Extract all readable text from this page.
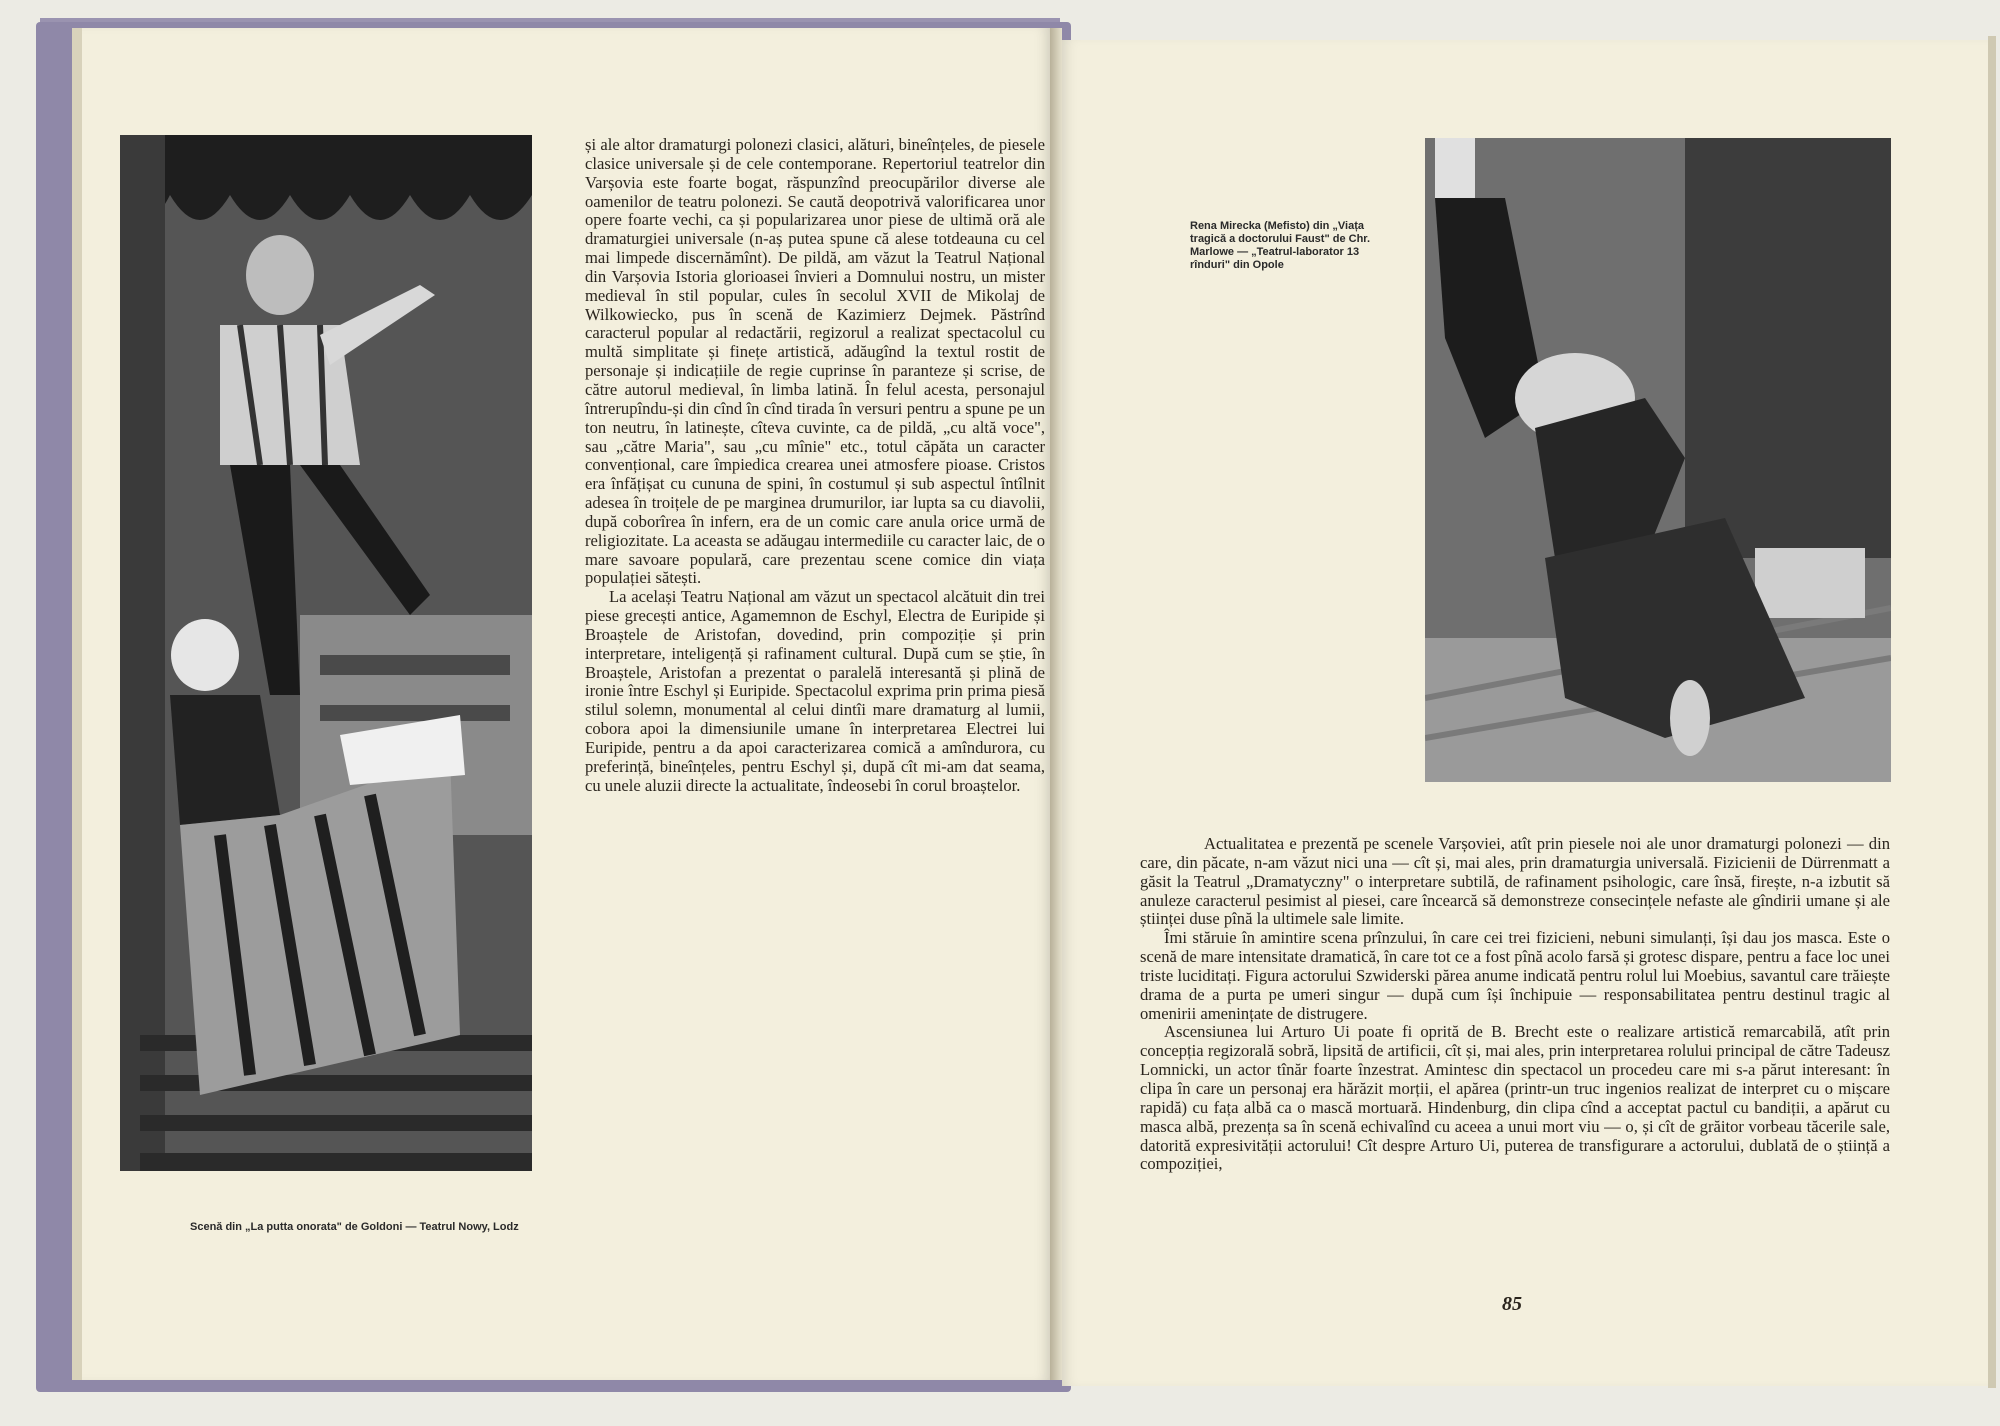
Scenă din „La putta onorata" de Goldoni — Teatrul Nowy, Lodz

și ale altor dramaturgi polonezi clasici, alături, bineînțeles, de piesele clasice universale și de cele contemporane. Repertoriul teatrelor din Varșovia este foarte bogat, răspunzînd preocupărilor diverse ale oamenilor de teatru polonezi. Se caută deopotrivă valorificarea unor opere foarte vechi, ca și popularizarea unor piese de ultimă oră ale dramaturgiei universale (n-aș putea spune că alese totdeauna cu cel mai limpede discernămînt). De pildă, am văzut la Teatrul Național din Varșovia Istoria glorioasei învieri a Domnului nostru, un mister medieval în stil popular, cules în secolul XVII de Mikolaj de Wilkowiecko, pus în scenă de Kazimierz Dejmek. Păstrînd caracterul popular al redactării, regizorul a realizat spectacolul cu multă simplitate și finețe artistică, adăugînd la textul rostit de personaje și indicațiile de regie cuprinse în paranteze și scrise, de către autorul medieval, în limba latină. În felul acesta, personajul întrerupîndu-și din cînd în cînd tirada în versuri pentru a spune pe un ton neutru, în latinește, cîteva cuvinte, ca de pildă, „cu altă voce", sau „către Maria", sau „cu mînie" etc., totul căpăta un caracter convențional, care împiedica crearea unei atmosfere pioase. Cristos era înfățișat cu cununa de spini, în costumul și sub aspectul întîlnit adesea în troițele de pe marginea drumurilor, iar lupta sa cu diavolii, după coborîrea în infern, era de un comic care anula orice urmă de religiozitate. La aceasta se adăugau intermediile cu caracter laic, de o mare savoare populară, care prezentau scene comice din viața populației sătești.

La același Teatru Național am văzut un spectacol alcătuit din trei piese grecești antice, Agamemnon de Eschyl, Electra de Euripide și Broaștele de Aristofan, dovedind, prin compoziție și prin interpretare, inteligență și rafinament cultural. După cum se știe, în Broaștele, Aristofan a prezentat o paralelă interesantă și plină de ironie între Eschyl și Euripide. Spectacolul exprima prin prima piesă stilul solemn, monumental al celui dintîi mare dramaturg al lumii, cobora apoi la dimensiunile umane în interpretarea Electrei lui Euripide, pentru a da apoi caracterizarea comică a amîndurora, cu preferință, bineînțeles, pentru Eschyl și, după cît mi-am dat seama, cu unele aluzii directe la actualitate, îndeosebi în corul broaștelor.

Rena Mirecka (Mefisto) din „Viața tragică a doctorului Faust" de Chr. Marlowe — „Teatrul-laborator 13 rînduri" din Opole

Actualitatea e prezentă pe scenele Varșoviei, atît prin piesele noi ale unor dramaturgi polonezi — din care, din păcate, n-am văzut nici una — cît și, mai ales, prin dramaturgia universală. Fizicienii de Dürrenmatt a găsit la Teatrul „Dramatyczny" o interpretare subtilă, de rafinament psihologic, care însă, firește, n-a izbutit să anuleze caracterul pesimist al piesei, care încearcă să demonstreze consecințele nefaste ale gîndirii umane și ale științei duse pînă la ultimele sale limite.

Îmi stăruie în amintire scena prînzului, în care cei trei fizicieni, nebuni simulanți, își dau jos masca. Este o scenă de mare intensitate dramatică, în care tot ce a fost pînă acolo farsă și grotesc dispare, pentru a face loc unei triste luciditați. Figura actorului Szwiderski părea anume indicată pentru rolul lui Moebius, savantul care trăiește drama de a purta pe umeri singur — după cum își închipuie — responsabilitatea pentru destinul tragic al omenirii amenințate de distrugere.

Ascensiunea lui Arturo Ui poate fi oprită de B. Brecht este o realizare artistică remarcabilă, atît prin concepția regizorală sobră, lipsită de artificii, cît și, mai ales, prin interpretarea rolului principal de către Tadeusz Lomnicki, un actor tînăr foarte înzestrat. Amintesc din spectacol un procedeu care mi s-a părut interesant: în clipa în care un personaj era hărăzit morții, el apărea (printr-un truc ingenios realizat de interpret cu o mișcare rapidă) cu fața albă ca o mască mortuară. Hindenburg, din clipa cînd a acceptat pactul cu bandiții, a apărut cu masca albă, prezența sa în scenă echivalînd cu aceea a unui mort viu — o, și cît de grăitor vorbeau tăcerile sale, datorită expresivității actorului! Cît despre Arturo Ui, puterea de transfigurare a actorului, dublată de o știință a compoziției,

85
